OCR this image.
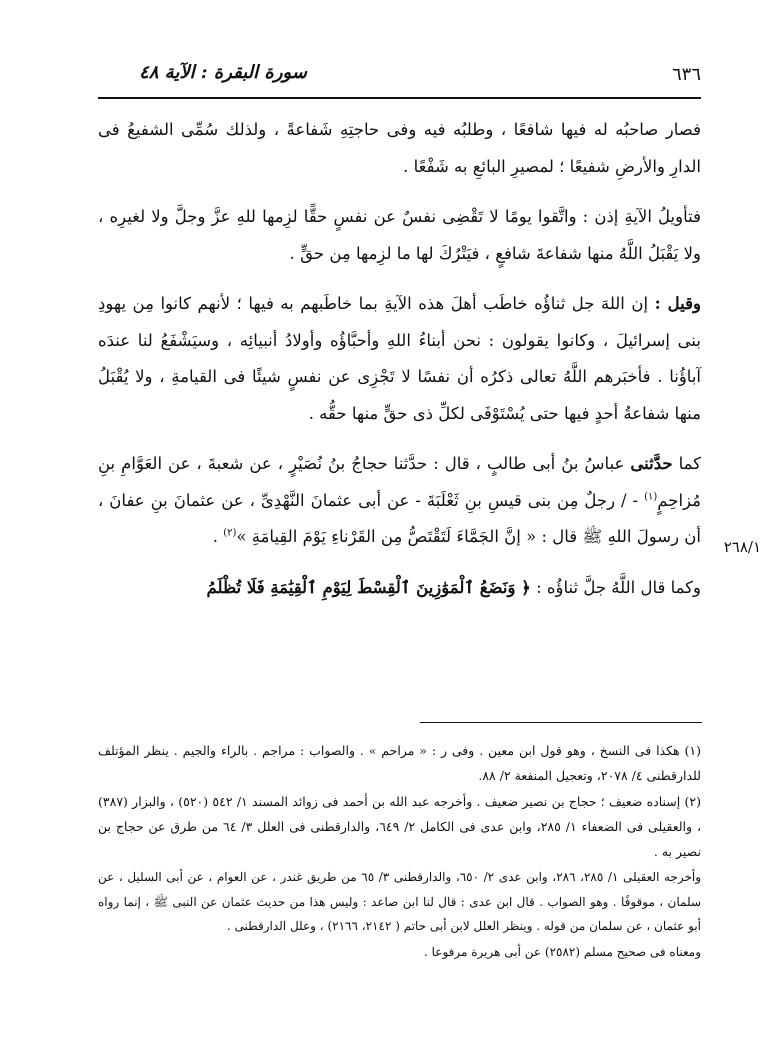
٦٣٦
سورة البقرة : الآية ٤٨
٢٦٨/١

فصار صاحبُه له فيها شافعًا ، وطلبُه فيه وفى حاجتِهِ شَفاعةً ، ولذلك سُمِّى الشفيعُ فى الدارِ والأرضِ شفيعًا ؛ لمصيرِ البائعِ به شَفْعًا .

فتأويلُ الآيةِ إذن : واتَّقوا يومًا لا تَقْضِى نفسٌ عن نفسٍ حقًّا لزِمها للهِ عزَّ وجلَّ ولا لغيرِه ، ولا يَقْبَلُ اللَّهُ منها شفاعةَ شافعٍ ، فيَتْرُكَ لها ما لزِمها مِن حقٍّ .

وقيل : إن اللهَ جل ثناؤُه خاطَب أهلَ هذه الآيةِ بما خاطَبهم به فيها ؛ لأنهم كانوا مِن يهودِ بنى إسرائيلَ ، وكانوا يقولون : نحن أبناءُ اللهِ وأحبَّاؤُه وأولادُ أنبيائِه ، وسيَشْفَعُ لنا عندَه آباؤُنا . فأخبَرهم اللَّهُ تعالى ذكرُه أن نفسًا لا تَجْزِى عن نفسٍ شيئًا فى القيامةِ ، ولا يُقْبَلُ منها شفاعةُ أحدٍ فيها حتى يُسْتَوْفَى لكلِّ ذى حقٍّ منها حقُّه .

كما حدَّثنى عباسُ بنُ أبى طالبٍ ، قال : حدَّثنا حجاجُ بنُ نُصَيْرٍ ، عن شعبةَ ، عن العَوَّامِ بنِ مُزاحِمٍ$^{(١)}$ - / رجلٌ مِن بنى قيسِ بنِ ثَعْلَبَةَ - عن أبى عثمانَ النَّهْدِىِّ ، عن عثمانَ بنِ عفانَ ، أن رسولَ اللهِ ﷺ قال : « إنَّ الجَمَّاءَ لَتَقْتَصُّ مِن القَرْناءِ يَوْمَ القِيامَةِ »$^{(٢)}$ .

وكما قال اللَّهُ جلَّ ثناؤُه : ﴿ وَنَضَعُ ٱلْمَوَٰزِينَ ٱلْقِسْطَ لِيَوْمِ ٱلْقِيَٰمَةِ فَلَا تُظْلَمُ

(١) هكذا فى النسخ ، وهو قول ابن معين . وفى ر : « مراحم » . والصواب : مراجم . بالراء والجيم . ينظر المؤتلف للدارقطنى ٤/ ٢٠٧٨، وتعجيل المنفعة ٢/ ٨٨.

(٢) إسناده ضعيف ؛ حجاج بن نصير ضعيف . وأخرجه عبد الله بن أحمد فى زوائد المسند ١/ ٥٤٢ (٥٢٠) ، والبزار (٣٨٧) ، والعقيلى فى الضعفاء ١/ ٢٨٥، وابن عدى فى الكامل ٢/ ٦٤٩، والدارقطنى فى العلل ٣/ ٦٤ من طرق عن حجاج بن نصير به .

وأخرجه العقيلى ١/ ٢٨٥، ٢٨٦، وابن عدى ٢/ ٦٥٠، والدارقطنى ٣/ ٦٥ من طريق غندر ، عن العوام ، عن أبى السليل ، عن سلمان ، موقوفًا . وهو الصواب . قال ابن عدى : قال لنا ابن صاعد : وليس هذا من حديث عثمان عن النبى ﷺ ، إنما رواه أبو عثمان ، عن سلمان من قوله . وينظر العلل لابن أبى حاتم ( ٢١٤٢، ٢١٦٦) ، وعلل الدارقطنى .

ومعناه فى صحيح مسلم (٢٥٨٢) عن أبى هريرة مرفوعا .
